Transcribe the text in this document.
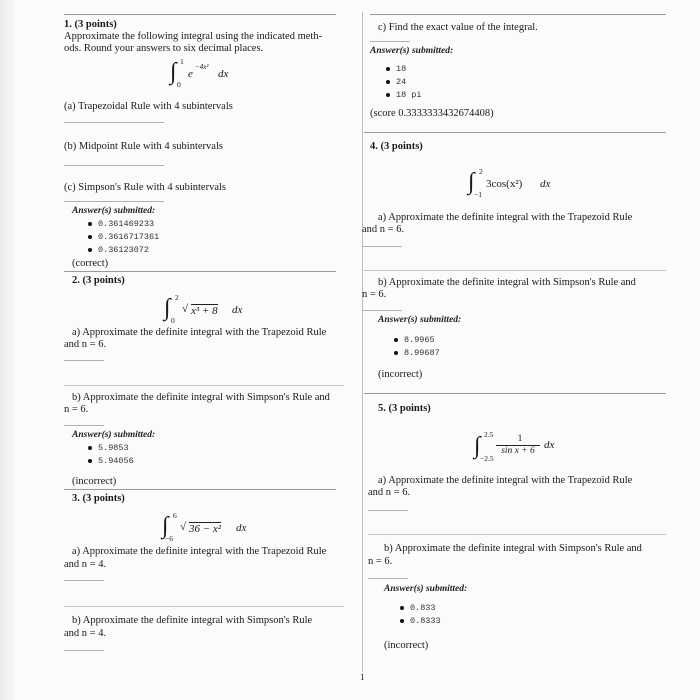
1. (3 points)
Approximate the following integral using the indicated meth-
ods. Round your answers to six decimal places.
∫ 1
0
e
−4x²
dx
(a) Trapezoidal Rule with 4 subintervals
(b) Midpoint Rule with 4 subintervals
(c) Simpson's Rule with 4 subintervals
Answer(s) submitted:
0.361469233
0.3616717361
0.36123072
(correct)
2. (3 points)
∫ 2
0
√ x³ + 8 dx
a) Approximate the definite integral with the Trapezoid Rule
and n = 6.
b) Approximate the definite integral with Simpson's Rule and
n = 6.
Answer(s) submitted:
5.9853
5.94056
(incorrect)
3. (3 points)
∫ 6
−6
√ 36 − x² dx
a) Approximate the definite integral with the Trapezoid Rule
and n = 4.
b) Approximate the definite integral with Simpson's Rule
and n = 4.
c) Find the exact value of the integral.
Answer(s) submitted:
18
24
18 pi
(score 0.3333333432674408)
4. (3 points)
∫ 2
−1
3cos(x²) dx
a) Approximate the definite integral with the Trapezoid Rule
and n = 6.
b) Approximate the definite integral with Simpson's Rule and
n = 6.
Answer(s) submitted:
8.9965
8.99687
(incorrect)
5. (3 points)
∫ 2.5
−2.5
1
sin x + 6 dx
a) Approximate the definite integral with the Trapezoid Rule
and n = 6.
b) Approximate the definite integral with Simpson's Rule and
n = 6.
Answer(s) submitted:
0.833
0.8333
(incorrect)
1
